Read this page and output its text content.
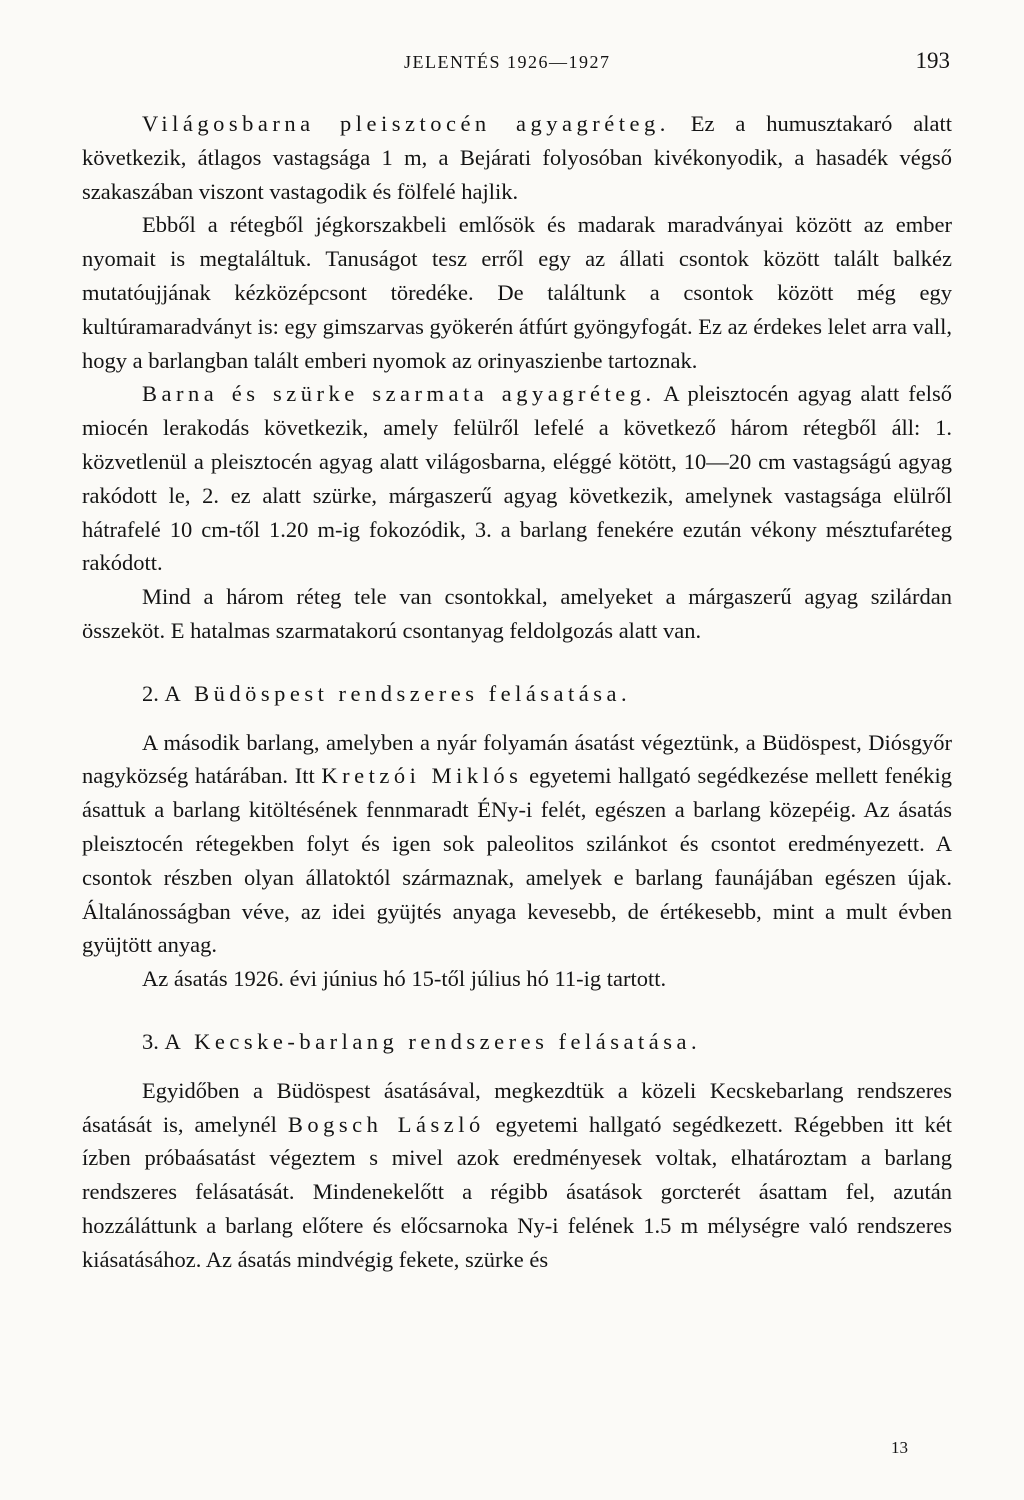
JELENTÉS 1926—1927	193

Világosbarna pleisztocén agyagréteg. Ez a humusztakaró alatt következik, átlagos vastagsága 1 m, a Bejárati folyosóban kivékonyodik, a hasadék végső szakaszában viszont vastagodik és fölfelé hajlik.

Ebből a rétegből jégkorszakbeli emlősök és madarak maradványai között az ember nyomait is megtaláltuk. Tanuságot tesz erről egy az állati csontok között talált balkéz mutatóujjának kézközépcsont töredéke. De találtunk a csontok között még egy kultúramaradványt is: egy gimszarvas gyökerén átfúrt gyöngyfogát. Ez az érdekes lelet arra vall, hogy a barlangban talált emberi nyomok az orinyaszienbe tartoznak.

Barna és szürke szarmata agyagréteg. A pleisztocén agyag alatt felső miocén lerakodás következik, amely felülről lefelé a következő három rétegből áll: 1. közvetlenül a pleisztocén agyag alatt világosbarna, eléggé kötött, 10—20 cm vastagságú agyag rakódott le, 2. ez alatt szürke, márgaszerű agyag következik, amelynek vastagsága elülről hátrafelé 10 cm-től 1.20 m-ig fokozódik, 3. a barlang fenekére ezután vékony mésztufaréteg rakódott.

Mind a három réteg tele van csontokkal, amelyeket a márgaszerű agyag szilárdan összeköt. E hatalmas szarmatakorú csontanyag feldolgozás alatt van.

2. A Büdöspest rendszeres felásatása.

A második barlang, amelyben a nyár folyamán ásatást végeztünk, a Büdöspest, Diósgyőr nagyközség határában. Itt Kretzói Miklós egyetemi hallgató segédkezése mellett fenékig ásattuk a barlang kitöltésének fennmaradt ÉNy-i felét, egészen a barlang közepéig. Az ásatás pleisztocén rétegekben folyt és igen sok paleolitos szilánkot és csontot eredményezett. A csontok részben olyan állatoktól származnak, amelyek e barlang faunájában egészen újak. Általánosságban véve, az idei gyüjtés anyaga kevesebb, de értékesebb, mint a mult évben gyüjtött anyag.

Az ásatás 1926. évi június hó 15-től július hó 11-ig tartott.

3. A Kecske-barlang rendszeres felásatása.

Egyidőben a Büdöspest ásatásával, megkezdtük a közeli Kecskebarlang rendszeres ásatását is, amelynél Bogsch László egyetemi hallgató segédkezett. Régebben itt két ízben próbaásatást végeztem s mivel azok eredményesek voltak, elhatároztam a barlang rendszeres felásatását. Mindenekelőtt a régibb ásatások gorcterét ásattam fel, azután hozzáláttunk a barlang előtere és előcsarnoka Ny-i felének 1.5 m mélységre való rendszeres kiásatásához. Az ásatás mindvégig fekete, szürke és

13
